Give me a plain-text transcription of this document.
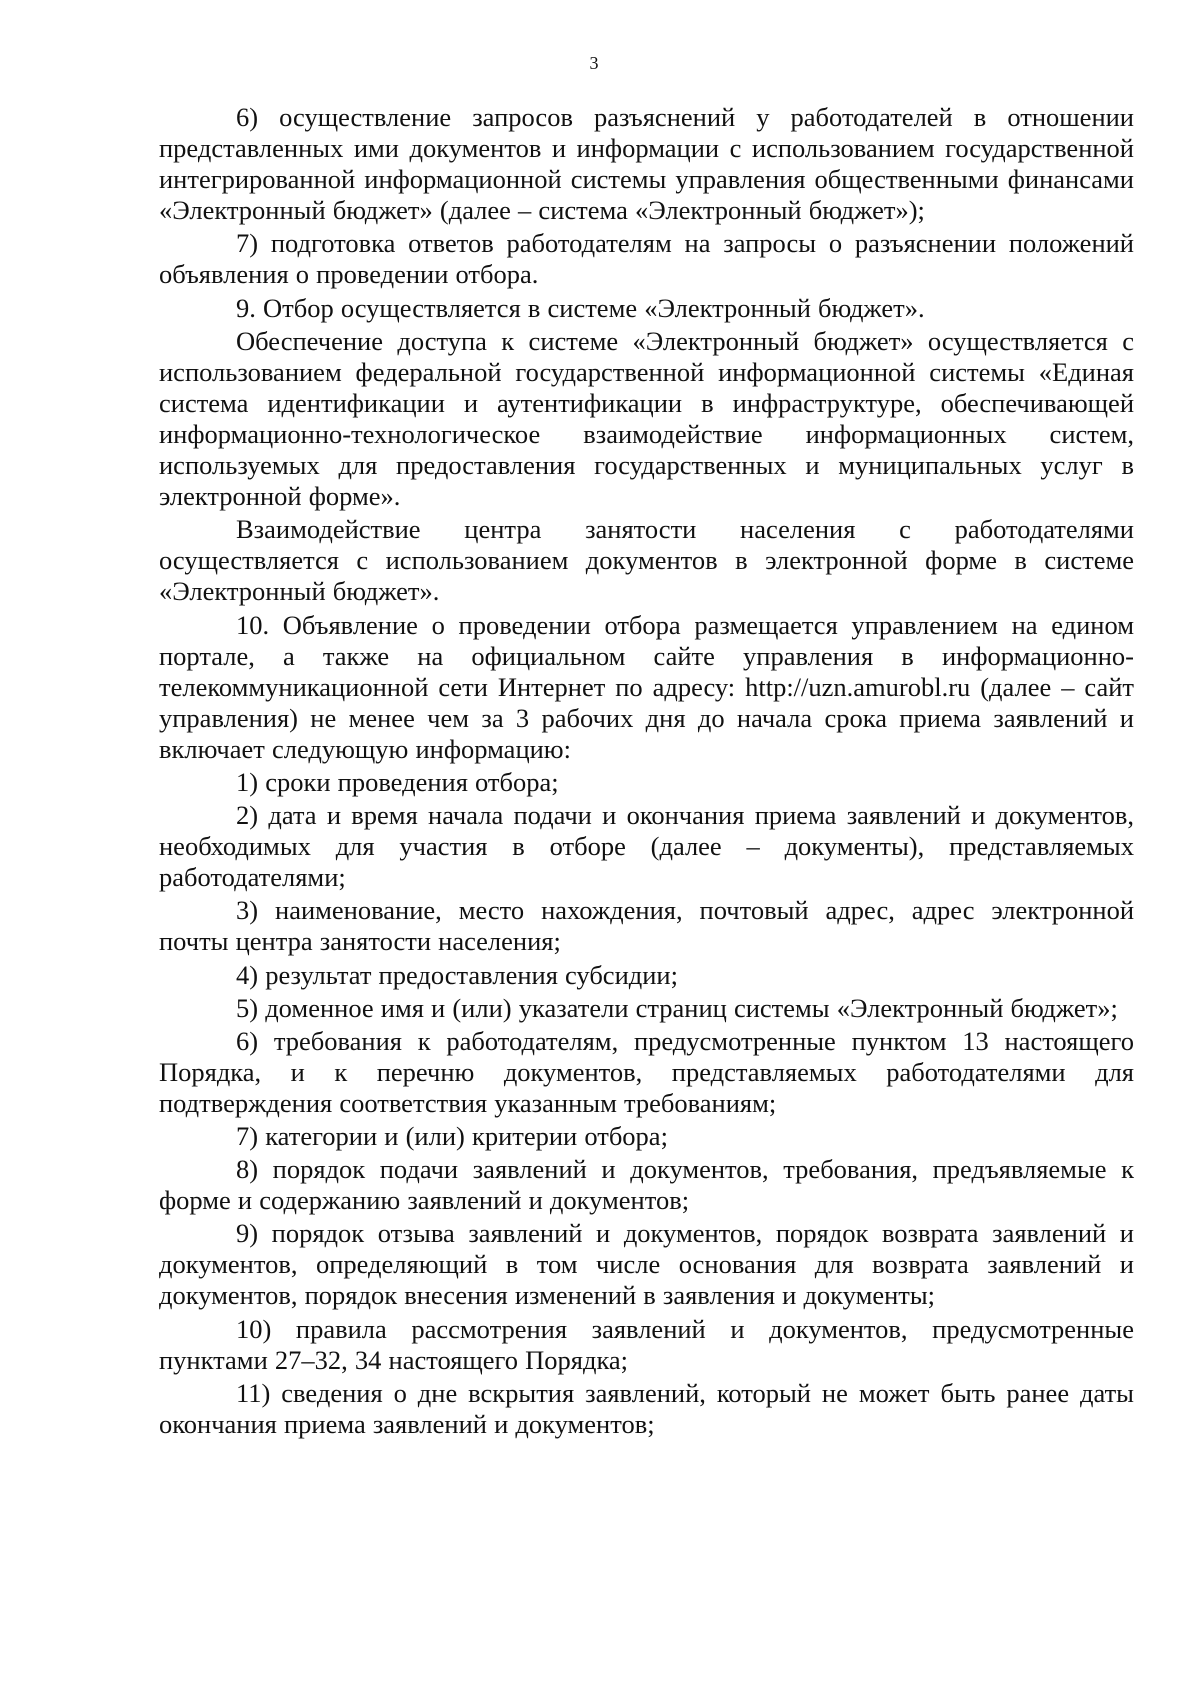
3

6) осуществление запросов разъяснений у работодателей в отношении представленных ими документов и информации с использованием государственной интегрированной информационной системы управления общественными финансами «Электронный бюджет» (далее – система «Электронный бюджет»);

7) подготовка ответов работодателям на запросы о разъяснении положений объявления о проведении отбора.

9. Отбор осуществляется в системе «Электронный бюджет».

Обеспечение доступа к системе «Электронный бюджет» осуществляется с использованием федеральной государственной информационной системы «Единая система идентификации и аутентификации в инфраструктуре, обеспечивающей информационно-технологическое взаимодействие информационных систем, используемых для предоставления государственных и муниципальных услуг в электронной форме».

Взаимодействие центра занятости населения с работодателями осуществляется с использованием документов в электронной форме в системе «Электронный бюджет».

10. Объявление о проведении отбора размещается управлением на едином портале, а также на официальном сайте управления в информационно-телекоммуникационной сети Интернет по адресу: http://uzn.amurobl.ru (далее – сайт управления) не менее чем за 3 рабочих дня до начала срока приема заявлений и включает следующую информацию:

1) сроки проведения отбора;

2) дата и время начала подачи и окончания приема заявлений и документов, необходимых для участия в отборе (далее – документы), представляемых работодателями;

3) наименование, место нахождения, почтовый адрес, адрес электронной почты центра занятости населения;

4) результат предоставления субсидии;

5) доменное имя и (или) указатели страниц системы «Электронный бюджет»;

6) требования к работодателям, предусмотренные пунктом 13 настоящего Порядка, и к перечню документов, представляемых работодателями для подтверждения соответствия указанным требованиям;

7) категории и (или) критерии отбора;

8) порядок подачи заявлений и документов, требования, предъявляемые к форме и содержанию заявлений и документов;

9) порядок отзыва заявлений и документов, порядок возврата заявлений и документов, определяющий в том числе основания для возврата заявлений и документов, порядок внесения изменений в заявления и документы;

10) правила рассмотрения заявлений и документов, предусмотренные пунктами 27–32, 34 настоящего Порядка;

11) сведения о дне вскрытия заявлений, который не может быть ранее даты окончания приема заявлений и документов;
